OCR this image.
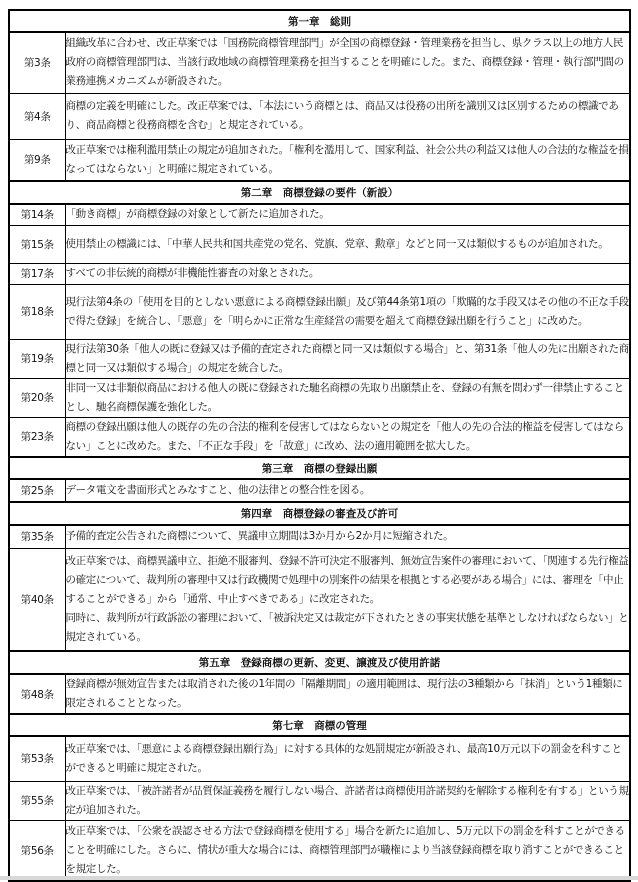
第一章　総則	
第3条	組織改革に合わせ、改正草案では「国務院商標管理部門」が全国の商標登録・管理業務を担当し、県クラス以上の地方人民政府の商標管理部門は、当該行政地域の商標管理業務を担当することを明確にした。また、商標登録・管理・執行部門間の業務連携メカニズムが新設された。
第4条	商標の定義を明確にした。改正草案では、「本法にいう商標とは、商品又は役務の出所を識別又は区別するための標識であり、商品商標と役務商標を含む」と規定されている。
第9条	改正草案では権利濫用禁止の規定が追加された。「権利を濫用して、国家利益、社会公共の利益又は他人の合法的な権益を損なってはならない」と明確に規定されている。
第二章　商標登録の要件（新設）	
第14条	「動き商標」が商標登録の対象として新たに追加された。
第15条	使用禁止の標識には、「中華人民共和国共産党の党名、党旗、党章、勲章」などと同一又は類似するものが追加された。
第17条	すべての非伝統的商標が非機能性審査の対象とされた。
第18条	現行法第4条の「使用を目的としない悪意による商標登録出願」及び第44条第1項の「欺瞞的な手段又はその他の不正な手段で得た登録」を統合し、「悪意」を「明らかに正常な生産経営の需要を超えて商標登録出願を行うこと」に改めた。
第19条	現行法第30条「他人の既に登録又は予備的査定された商標と同一又は類似する場合」と、第31条「他人の先に出願された商標と同一又は類似する場合」の規定を統合した。
第20条	非同一又は非類似商品における他人の既に登録された馳名商標の先取り出願禁止を、登録の有無を問わず一律禁止することとし、馳名商標保護を強化した。
第23条	商標の登録出願は他人の既存の先の合法的権利を侵害してはならないとの規定を「他人の先の合法的権益を侵害してはならない」ことに改めた。また、「不正な手段」を「故意」に改め、法の適用範囲を拡大した。
第三章　商標の登録出願	
第25条	データ電文を書面形式とみなすこと、他の法律との整合性を図る。
第四章　商標登録の審査及び許可	
第35条	予備的査定公告された商標について、異議申立期間は3か月から2か月に短縮された。
第40条	改正草案では、商標異議申立、拒絶不服審判、登録不許可決定不服審判、無効宣告案件の審理において、「関連する先行権益の確定について、裁判所の審理中又は行政機関で処理中の別案件の結果を根拠とする必要がある場合」には、審理を「中止することができる」から「通常、中止すべきである」に改定された。
同時に、裁判所が行政訴訟の審理において、「被訴決定又は裁定が下されたときの事実状態を基準としなければならない」と規定されている。

第五章　登録商標の更新、変更、譲渡及び使用許諾	
第48条	登録商標が無効宣告または取消された後の1年間の「隔離期間」の適用範囲は、現行法の3種類から「抹消」という1種類に限定されることとなった。
第七章　商標の管理	
第53条	改正草案では、「悪意による商標登録出願行為」に対する具体的な処罰規定が新設され、最高10万元以下の罰金を科すことができると明確に規定された。
第55条	改正草案では、「被許諾者が品質保証義務を履行しない場合、許諾者は商標使用許諾契約を解除する権利を有する」という規定が追加された。
第56条	改正草案では、「公衆を誤認させる方法で登録商標を使用する」場合を新たに追加し、5万元以下の罰金を科すことができることを明確にした。さらに、情状が重大な場合には、商標管理部門が職権により当該登録商標を取り消すことができることを規定した。
